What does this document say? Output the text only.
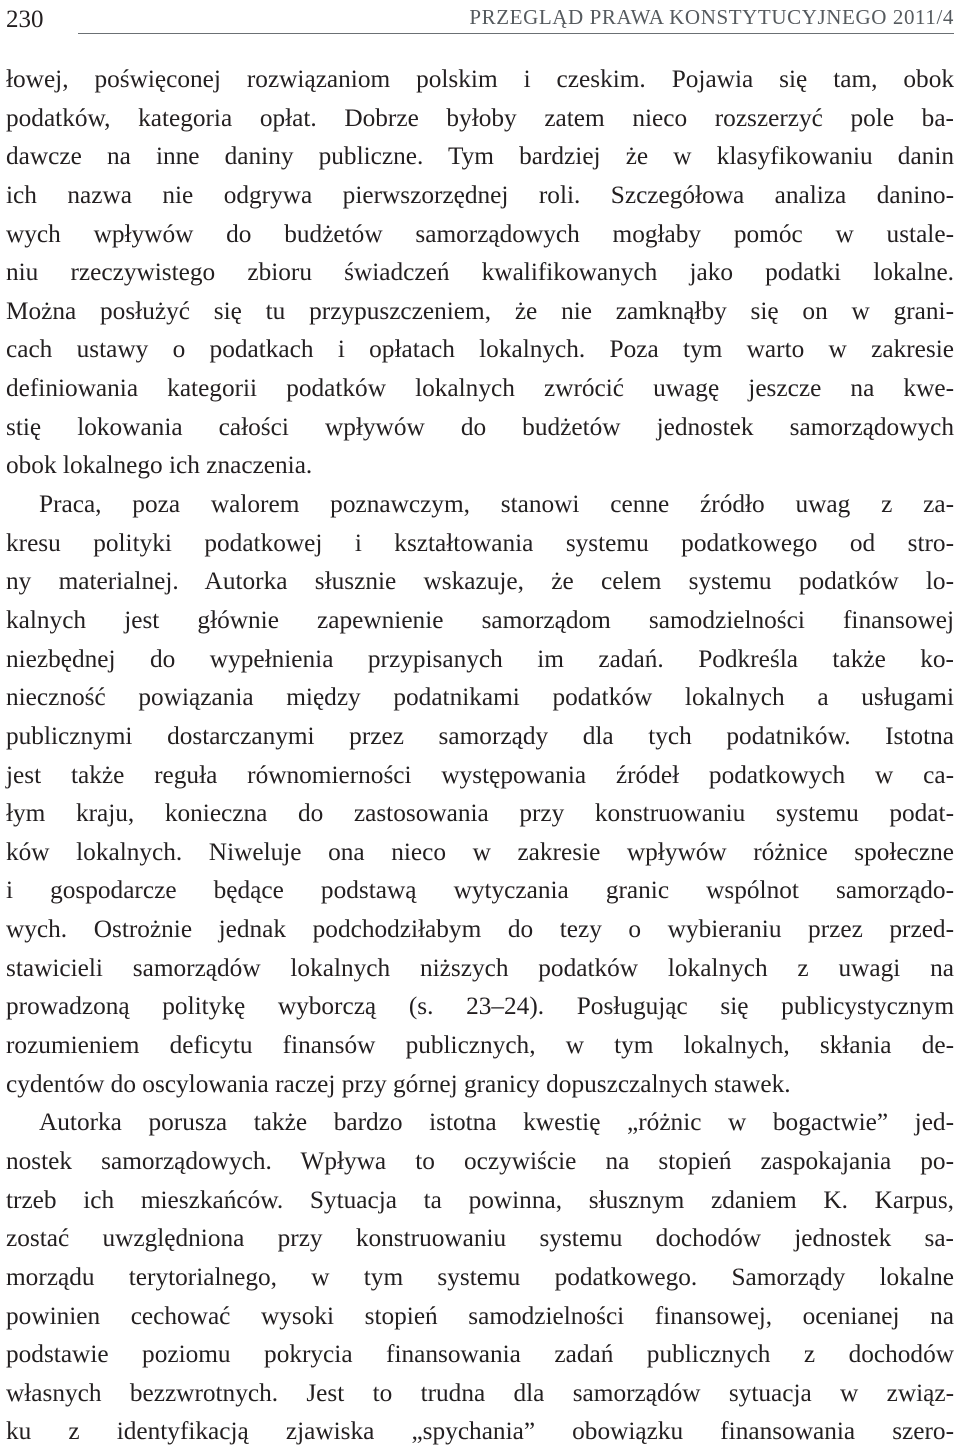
230	PRZEGLĄD PRAWA KONSTYTUCYJNEGO 2011/4
łowej, poświęconej rozwiązaniom polskim i czeskim. Pojawia się tam, obok
podatków, kategoria opłat. Dobrze byłoby zatem nieco rozszerzyć pole ba-
dawcze na inne daniny publiczne. Tym bardziej że w klasyfikowaniu danin
ich nazwa nie odgrywa pierwszorzędnej roli. Szczegółowa analiza danino-
wych wpływów do budżetów samorządowych mogłaby pomóc w ustale-
niu rzeczywistego zbioru świadczeń kwalifikowanych jako podatki lokalne.
Można posłużyć się tu przypuszczeniem, że nie zamknąłby się on w grani-
cach ustawy o podatkach i opłatach lokalnych. Poza tym warto w zakresie
definiowania kategorii podatków lokalnych zwrócić uwagę jeszcze na kwe-
stię lokowania całości wpływów do budżetów jednostek samorządowych
obok lokalnego ich znaczenia.
Praca, poza walorem poznawczym, stanowi cenne źródło uwag z za-
kresu polityki podatkowej i kształtowania systemu podatkowego od stro-
ny materialnej. Autorka słusznie wskazuje, że celem systemu podatków lo-
kalnych jest głównie zapewnienie samorządom samodzielności finansowej
niezbędnej do wypełnienia przypisanych im zadań. Podkreśla także ko-
nieczność powiązania między podatnikami podatków lokalnych a usługami
publicznymi dostarczanymi przez samorządy dla tych podatników. Istotna
jest także reguła równomierności występowania źródeł podatkowych w ca-
łym kraju, konieczna do zastosowania przy konstruowaniu systemu podat-
ków lokalnych. Niweluje ona nieco w zakresie wpływów różnice społeczne
i gospodarcze będące podstawą wytyczania granic wspólnot samorządo-
wych. Ostrożnie jednak podchodziłabym do tezy o wybieraniu przez przed-
stawicieli samorządów lokalnych niższych podatków lokalnych z uwagi na
prowadzoną politykę wyborczą (s. 23–24). Posługując się publicystycznym
rozumieniem deficytu finansów publicznych, w tym lokalnych, skłania de-
cydentów do oscylowania raczej przy górnej granicy dopuszczalnych stawek.
Autorka porusza także bardzo istotna kwestię „różnic w bogactwie” jed-
nostek samorządowych. Wpływa to oczywiście na stopień zaspokajania po-
trzeb ich mieszkańców. Sytuacja ta powinna, słusznym zdaniem K. Karpus,
zostać uwzględniona przy konstruowaniu systemu dochodów jednostek sa-
morządu terytorialnego, w tym systemu podatkowego. Samorządy lokalne
powinien cechować wysoki stopień samodzielności finansowej, ocenianej na
podstawie poziomu pokrycia finansowania zadań publicznych z dochodów
własnych bezzwrotnych. Jest to trudna dla samorządów sytuacja w związ-
ku z identyfikacją zjawiska „spychania” obowiązku finansowania szero-
